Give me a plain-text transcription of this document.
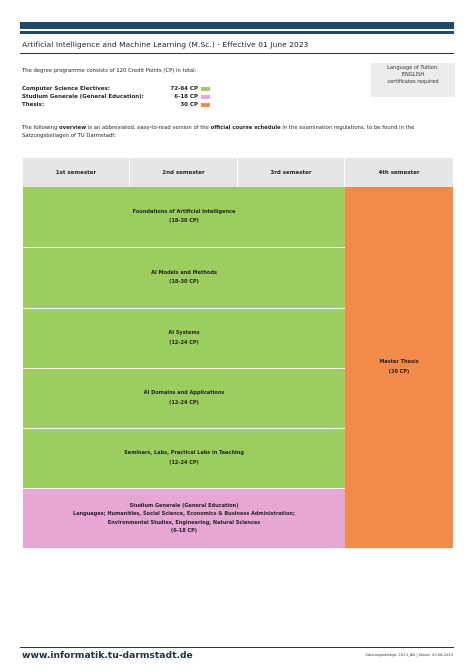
Artificial Intelligence and Machine Learning (M.Sc.) - Effective 01 June 2023
The degree programme consists of 120 Credit Points (CP) in total:
Computer Science Electives:	72-84 CP
Studium Generale (General Education):	6-18 CP
Thesis:	30 CP
Language of Tuition:
ENGLISH
certificates required
The following overview is an abbreviated, easy-to-read version of the official course schedule in the examination regulations, to be found in the Satzungsbeilagen of TU Darmstadt:
1st semester	2nd semester	3rd semester	4th semester
Foundations of Artificial Intelligence
(18-30 CP)
AI Models and Methods
(18-30 CP)
AI Systems
(12-24 CP)
AI Domains and Applications
(12-24 CP)
Seminars, Labs, Practical Labs in Teaching
(12-24 CP)
Studium Generale (General Education)
Languages; Humanities, Social Science, Economics & Business Administration;
Environmental Studies, Engineering, Natural Sciences
(6-18 CP)
Master Thesis
(30 CP)
www.informatik.tu-darmstadt.de	Satzungsbeilage: 2023_NN | Stand: 29.06.2023
